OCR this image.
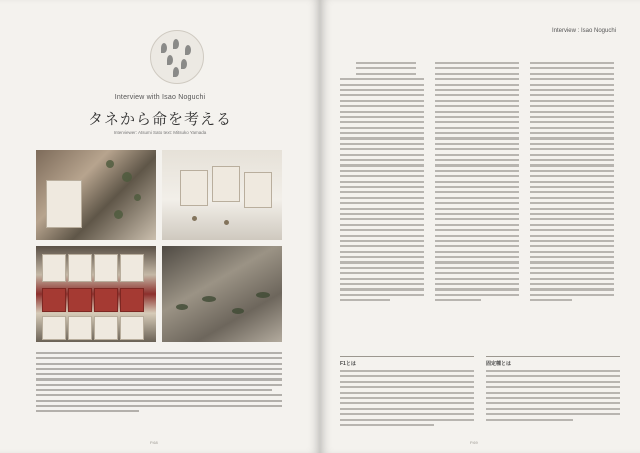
Interview with Isao Noguchi
タネから命を考える
Interviewer: Atsumi Sato text: Mitsuko Yamada
P.68
Interview : Isao Noguchi
F1とは	固定種とは
P.69
